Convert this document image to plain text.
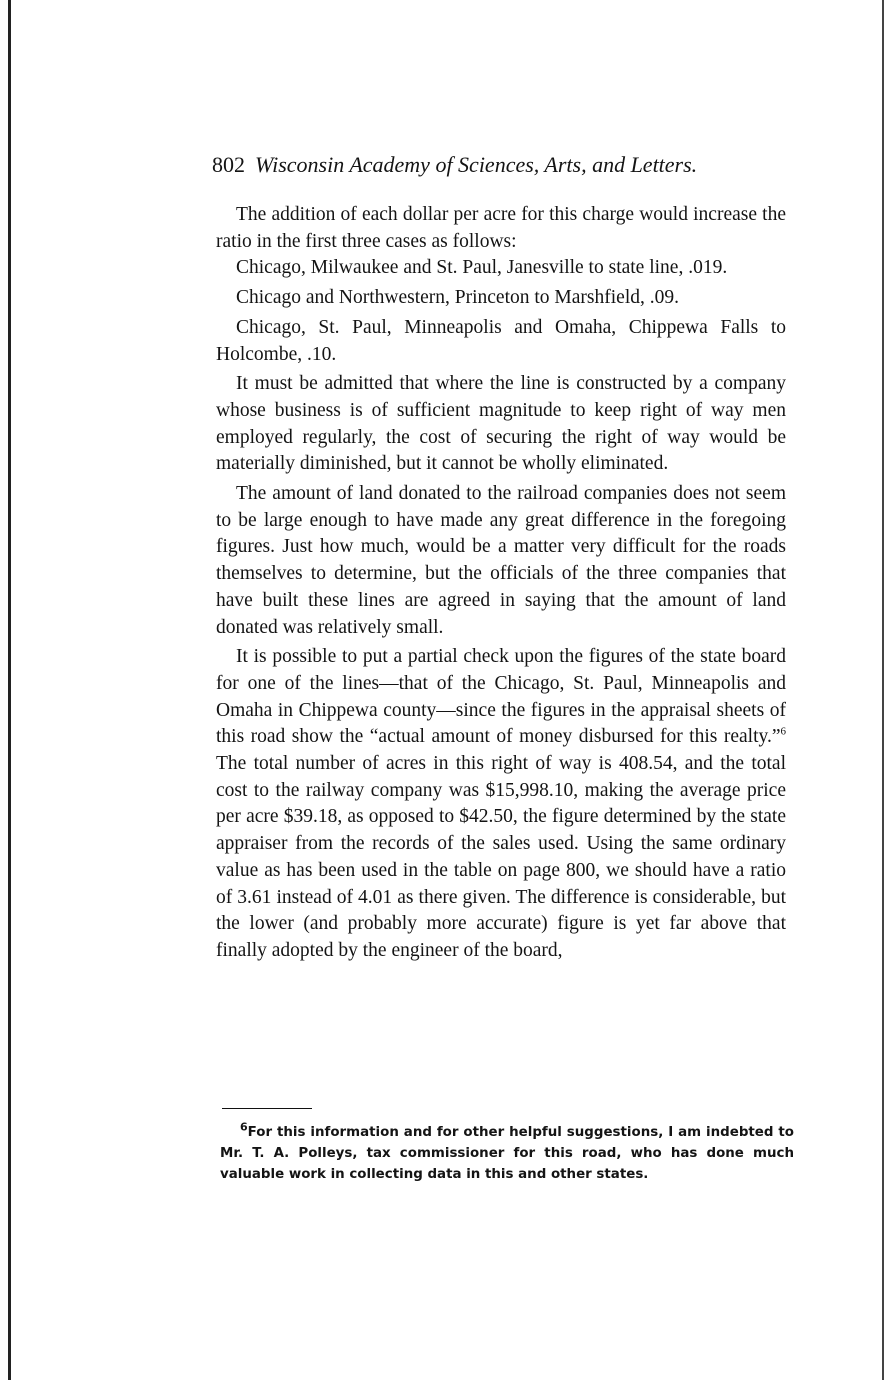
802 Wisconsin Academy of Sciences, Arts, and Letters.

The addition of each dollar per acre for this charge would increase the ratio in the first three cases as follows:

Chicago, Milwaukee and St. Paul, Janesville to state line, .019.

Chicago and Northwestern, Princeton to Marshfield, .09.

Chicago, St. Paul, Minneapolis and Omaha, Chippewa Falls to Holcombe, .10.

It must be admitted that where the line is constructed by a company whose business is of sufficient magnitude to keep right of way men employed regularly, the cost of securing the right of way would be materially diminished, but it cannot be wholly eliminated.

The amount of land donated to the railroad companies does not seem to be large enough to have made any great difference in the foregoing figures. Just how much, would be a matter very difficult for the roads themselves to determine, but the officials of the three companies that have built these lines are agreed in saying that the amount of land donated was relatively small.

It is possible to put a partial check upon the figures of the state board for one of the lines—that of the Chicago, St. Paul, Minneapolis and Omaha in Chippewa county—since the figures in the appraisal sheets of this road show the “actual amount of money disbursed for this realty.”$^6$ The total number of acres in this right of way is 408.54, and the total cost to the railway company was $15,998.10, making the average price per acre $39.18, as opposed to $42.50, the figure determined by the state appraiser from the records of the sales used. Using the same ordinary value as has been used in the table on page 800, we should have a ratio of 3.61 instead of 4.01 as there given. The difference is considerable, but the lower (and probably more accurate) figure is yet far above that finally adopted by the engineer of the board,

$^6$For this information and for other helpful suggestions, I am indebted to Mr. T. A. Polleys, tax commissioner for this road, who has done much valuable work in collecting data in this and other states.
